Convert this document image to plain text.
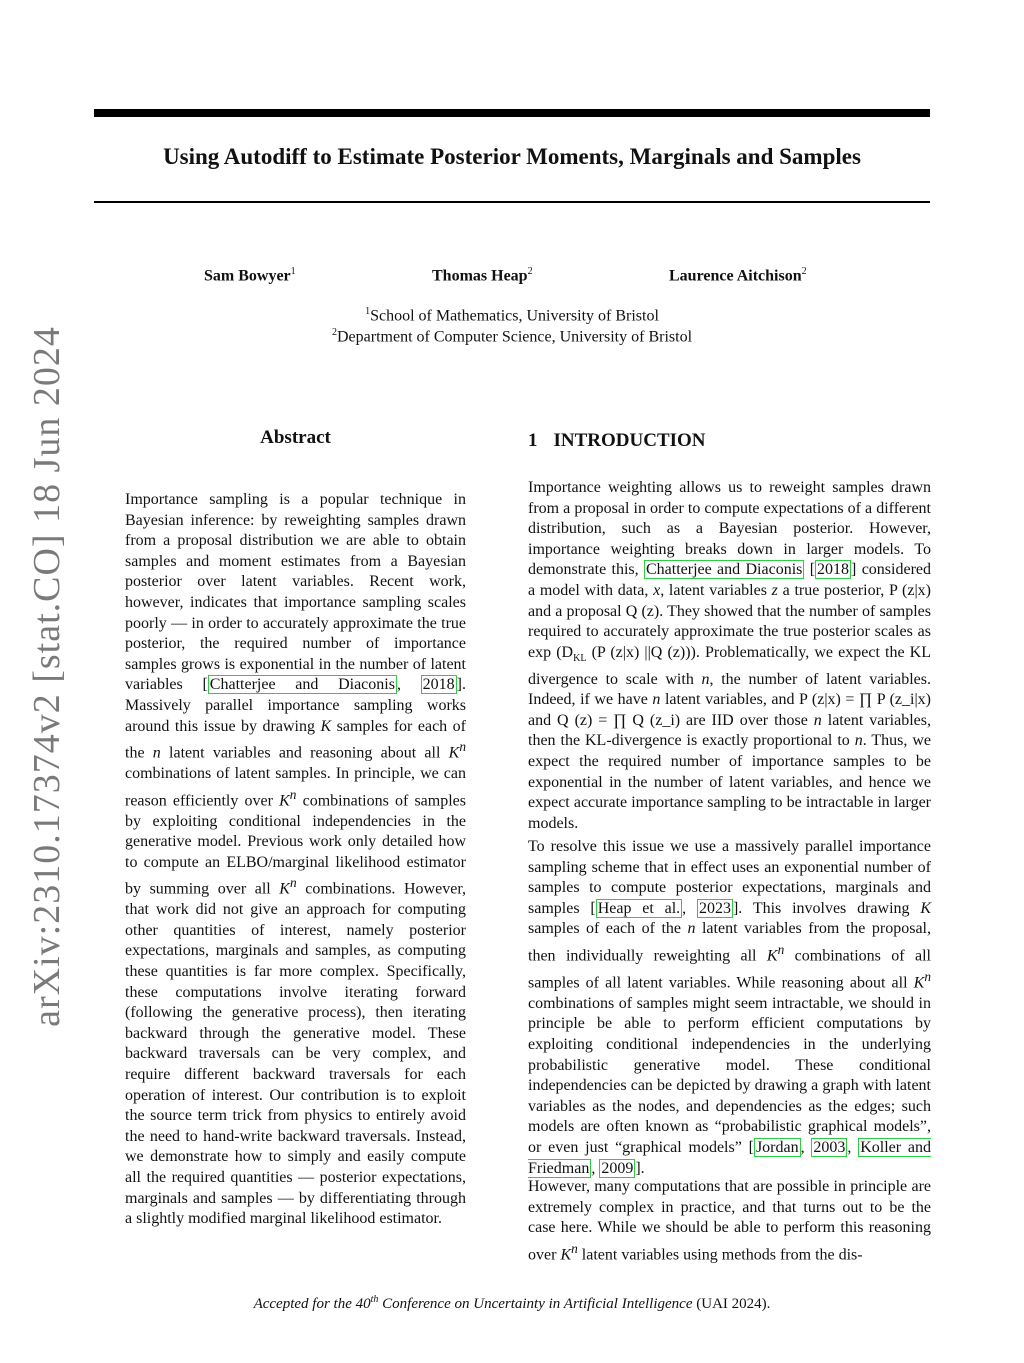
arXiv:2310.17374v2 [stat.CO] 18 Jun 2024
Using Autodiff to Estimate Posterior Moments, Marginals and Samples
Sam Bowyer$^1$	Thomas Heap$^2$	Laurence Aitchison$^2$
$^1$School of Mathematics, University of Bristol
$^2$Department of Computer Science, University of Bristol
Abstract
Importance sampling is a popular technique in Bayesian inference: by reweighting samples drawn from a proposal distribution we are able to obtain samples and moment estimates from a Bayesian posterior over latent variables. Recent work, however, indicates that importance sampling scales poorly — in order to accurately approximate the true posterior, the required number of importance samples grows is exponential in the number of latent variables [ Chatterjee and Diaconis , 2018 ]. Massively parallel importance sampling works around this issue by drawing K samples for each of the n latent variables and reasoning about all $K^n$ combinations of latent samples. In principle, we can reason efficiently over $K^n$ combinations of samples by exploiting conditional independencies in the generative model. Previous work only detailed how to compute an ELBO/marginal likelihood estimator by summing over all $K^n$ combinations. However, that work did not give an approach for computing other quantities of interest, namely posterior expectations, marginals and samples, as computing these quantities is far more complex. Specifically, these computations involve iterating forward (following the generative process), then iterating backward through the generative model. These backward traversals can be very complex, and require different backward traversals for each operation of interest. Our contribution is to exploit the source term trick from physics to entirely avoid the need to hand-write backward traversals. Instead, we demonstrate how to simply and easily compute all the required quantities — posterior expectations, marginals and samples — by differentiating through a slightly modified marginal likelihood estimator.
1 INTRODUCTION
Importance weighting allows us to reweight samples drawn from a proposal in order to compute expectations of a different distribution, such as a Bayesian posterior. However, importance weighting breaks down in larger models. To demonstrate this, Chatterjee and Diaconis [ 2018 ] considered a model with data, x, latent variables z a true posterior, P (z|x) and a proposal Q (z). They showed that the number of samples required to accurately approximate the true posterior scales as $\exp (D_{KL}$ (P (z|x) ||Q (z))). Problematically, we expect the KL divergence to scale with n, the number of latent variables. Indeed, if we have n latent variables, and P (z|x) = ∏ P (z_i|x) and Q (z) = ∏ Q (z_i) are IID over those n latent variables, then the KL-divergence is exactly proportional to n. Thus, we expect the required number of importance samples to be exponential in the number of latent variables, and hence we expect accurate importance sampling to be intractable in larger models.
To resolve this issue we use a massively parallel importance sampling scheme that in effect uses an exponential number of samples to compute posterior expectations, marginals and samples [ Heap et al. , 2023 ]. This involves drawing K samples of each of the n latent variables from the proposal, then individually reweighting all $K^n$ combinations of all samples of all latent variables. While reasoning about all $K^n$ combinations of samples might seem intractable, we should in principle be able to perform efficient computations by exploiting conditional independencies in the underlying probabilistic generative model. These conditional independencies can be depicted by drawing a graph with latent variables as the nodes, and dependencies as the edges; such models are often known as “probabilistic graphical models”, or even just “graphical models” [ Jordan , 2003 , Koller and Friedman , 2009 ].
However, many computations that are possible in principle are extremely complex in practice, and that turns out to be the case here. While we should be able to perform this reasoning over $K^n$ latent variables using methods from the dis-
Accepted for the 40th Conference on Uncertainty in Artificial Intelligence (UAI 2024).
